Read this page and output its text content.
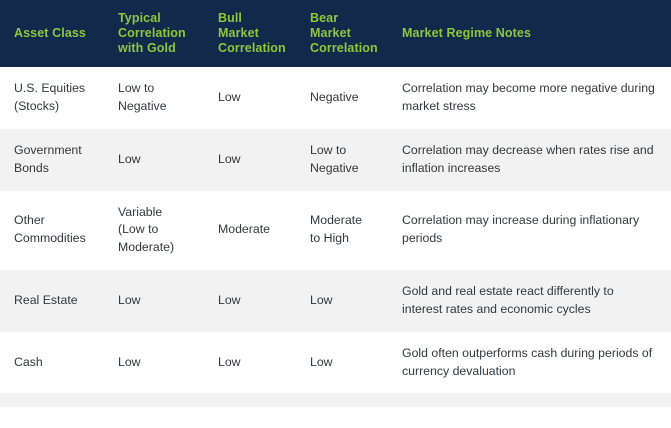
Asset Class	Typical Correlation with Gold	Bull Market Correlation	Bear Market Correlation	Market Regime Notes
U.S. Equities (Stocks)	Low to Negative	Low	Negative	Correlation may become more negative during market stress
Government Bonds	Low	Low	Low to Negative	Correlation may decrease when rates rise and inflation increases
Other Commodities	Variable (Low to Moderate)	Moderate	Moderate to High	Correlation may increase during inflationary periods
Real Estate	Low	Low	Low	Gold and real estate react differently to interest rates and economic cycles
Cash	Low	Low	Low	Gold often outperforms cash during periods of currency devaluation
